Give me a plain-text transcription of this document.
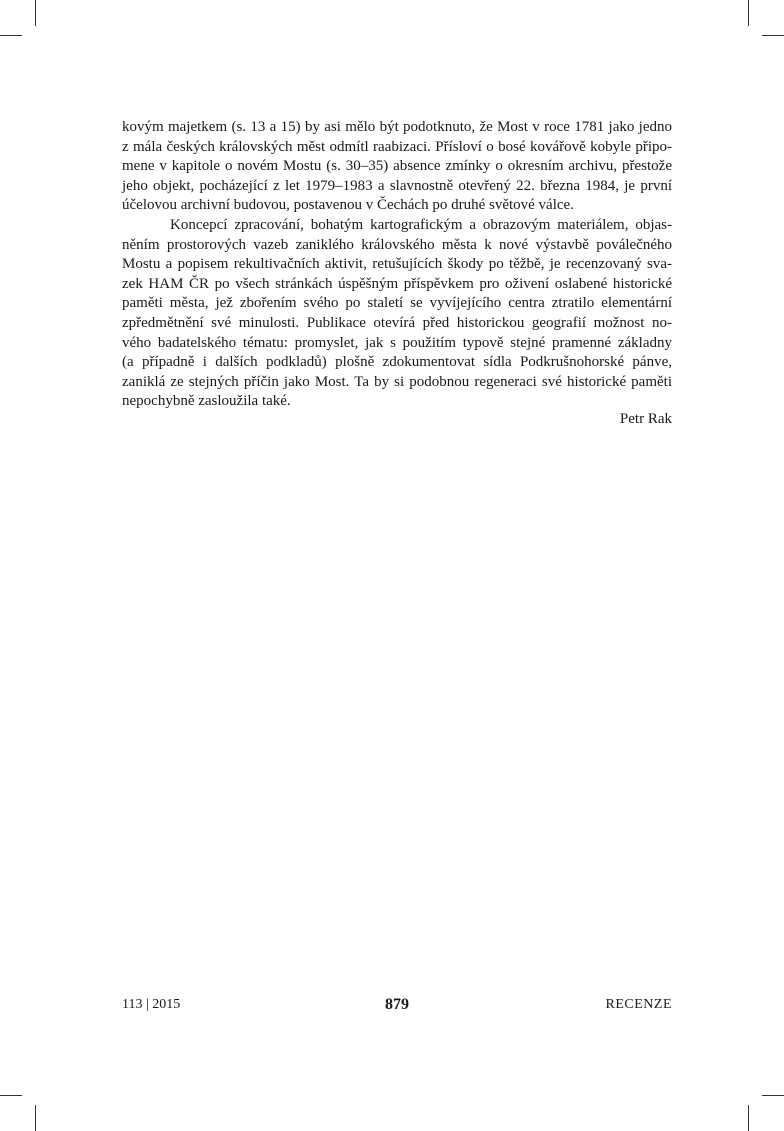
kovým majetkem (s. 13 a 15) by asi mělo být podotknuto, že Most v roce 1781 jako jedno
z mála českých královských měst odmítl raabizaci. Přísloví o bosé kovářově kobyle připo-
mene v kapitole o novém Mostu (s. 30–35) absence zmínky o okresním archivu, přestože
jeho objekt, pocházející z let 1979–1983 a slavnostně otevřený 22. března 1984, je první
účelovou archivní budovou, postavenou v Čechách po druhé světové válce.

Koncepcí zpracování, bohatým kartografickým a obrazovým materiálem, objas-
něním prostorových vazeb zaniklého královského města k nové výstavbě poválečného
Mostu a popisem rekultivačních aktivit, retušujících škody po těžbě, je recenzovaný sva-
zek HAM ČR po všech stránkách úspěšným příspěvkem pro oživení oslabené historické
paměti města, jež zbořením svého po staletí se vyvíjejícího centra ztratilo elementární
zpředmětnění své minulosti. Publikace otevírá před historickou geografií možnost no-
vého badatelského tématu: promyslet, jak s použitím typově stejné pramenné základny
(a případně i dalších podkladů) plošně zdokumentovat sídla Podkrušnohorské pánve,
zaniklá ze stejných příčin jako Most. Ta by si podobnou regeneraci své historické paměti
nepochybně zasloužila také.

Petr Rak
113 | 2015	879	RECENZE
